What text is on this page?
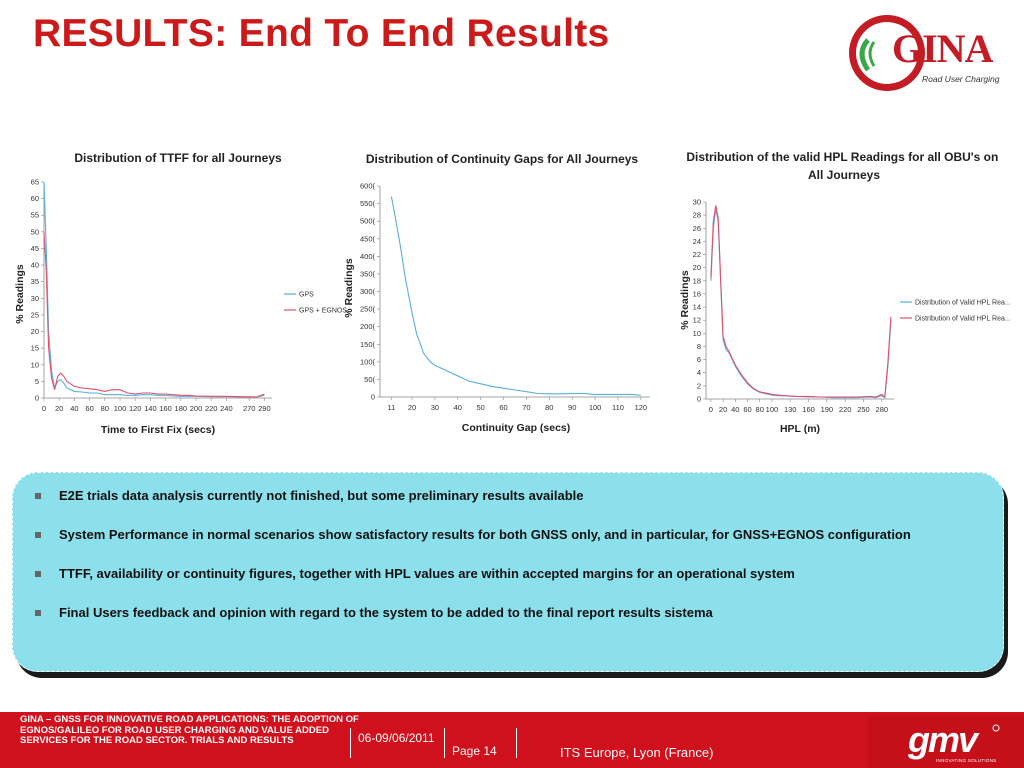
RESULTS: End To End Results	GINA
Road User Charging
Distribution of TTFF for all Journeys
Time to First Fix (secs)
% Readings
0
5
10
15
20
25
30
35
40
45
50
55
60
65
0 20 40 60 80 100 120 140 160 180 200 220 240 270 290
GPS
GPS + EGNOS
Distribution of Continuity Gaps for All Journeys
Continuity Gap (secs)
% Readings
0
50(
100(
150(
200(
250(
300(
350(
400(
450(
500(
550(
600(
11 20 30 40 50 60 70 80 90 100 110 120
Distribution of the valid HPL Readings for all OBU's on All Journeys
HPL (m)
% Readings
0
2
4
6
8
10
12
14
16
18
20
22
24
26
28
30
0 20 40 60 80 100 130 160 190 220 250 280
Distribution of Valid HPL Rea...
Distribution of Valid HPL Rea...
E2E trials data analysis currently not finished, but some preliminary results available
System Performance in normal scenarios show satisfactory results for both GNSS only, and in particular, for GNSS+EGNOS configuration
TTFF, availability or continuity figures, together with HPL values are within accepted margins for an operational system
Final Users feedback and opinion with regard to the system to be added to the final report results sistema
GINA – GNSS FOR INNOVATIVE ROAD APPLICATIONS: THE ADOPTION OF EGNOS/GALILEO FOR ROAD USER CHARGING AND VALUE ADDED SERVICES FOR THE ROAD SECTOR. TRIALS AND RESULTS	06-09/06/2011
Page 14	ITS Europe, Lyon (France)	gmv
INNOVATING SOLUTIONS
